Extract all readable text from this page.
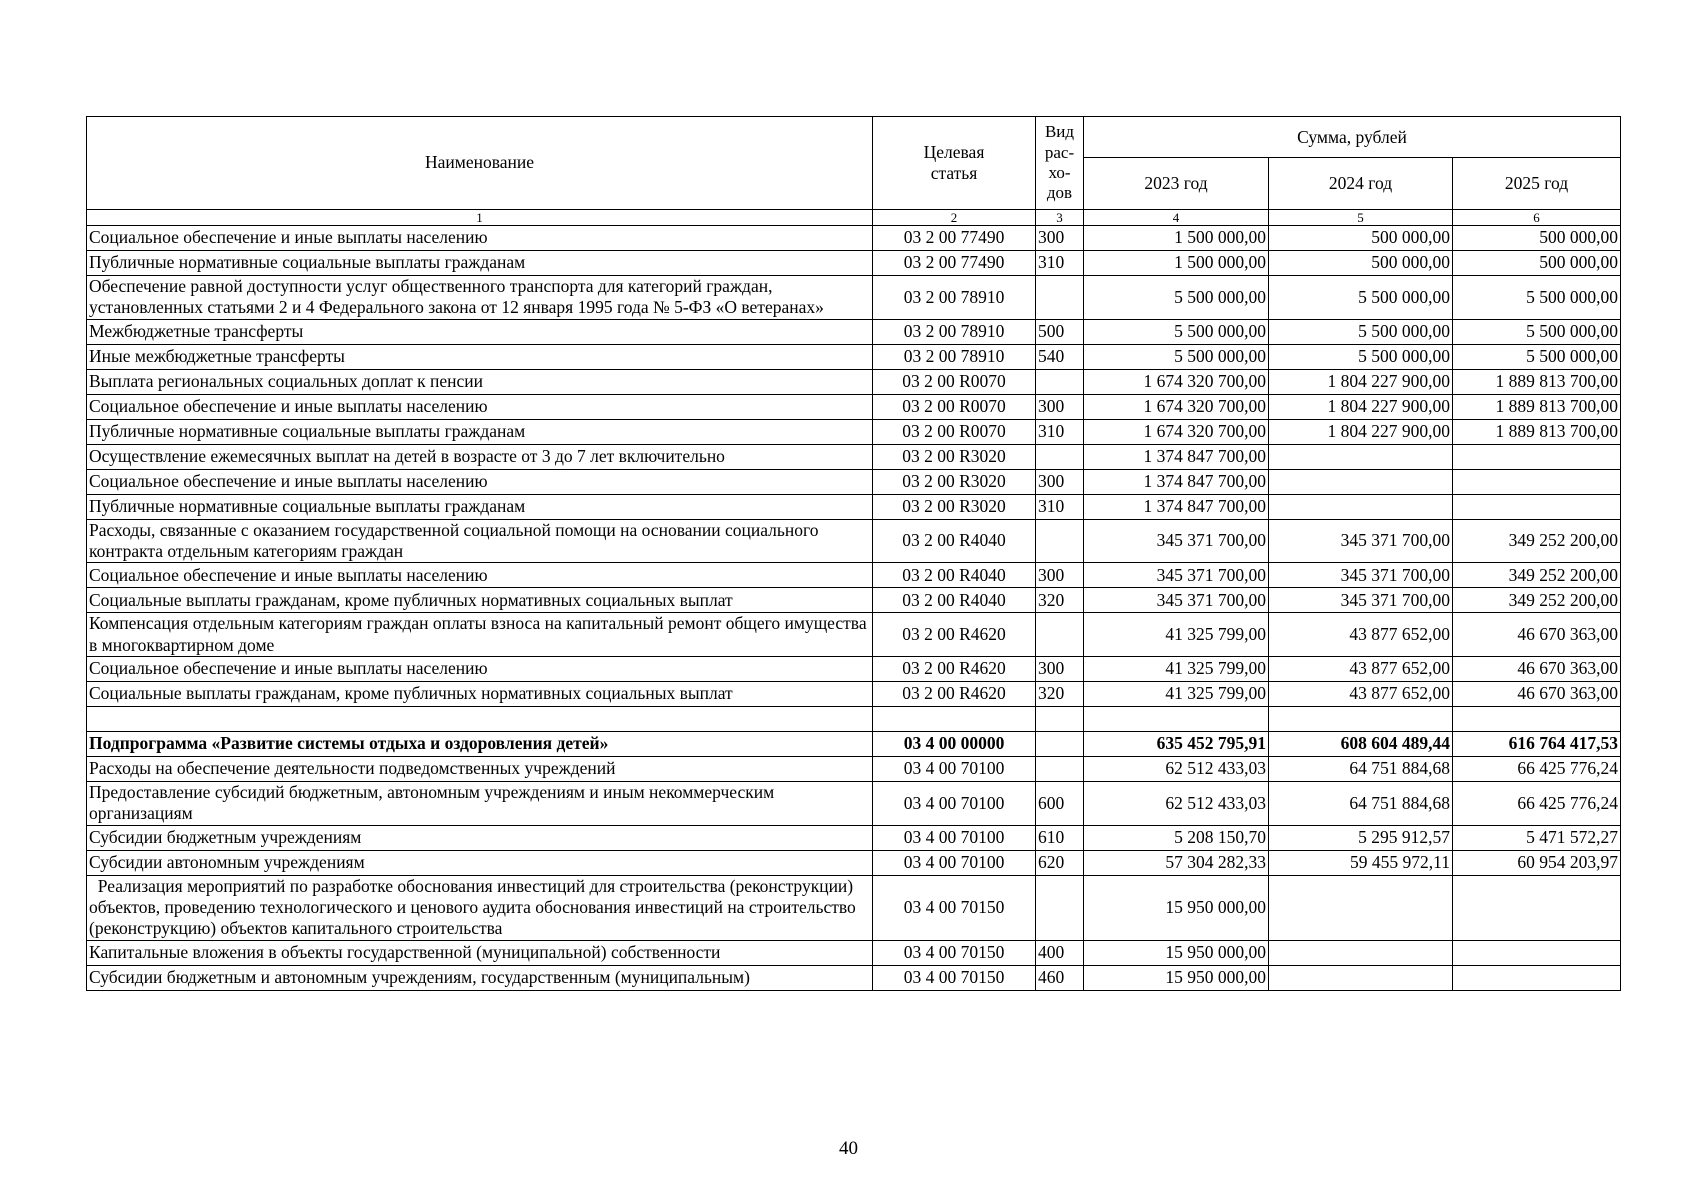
Наименование	Целевая статья	Вид рас-хо-дов	Сумма, рублей		
			2023 год	2024 год	2025 год
1	2	3	4	5	6
Социальное обеспечение и иные выплаты населению	03 2 00 77490	300	1 500 000,00	500 000,00	500 000,00
Публичные нормативные социальные выплаты гражданам	03 2 00 77490	310	1 500 000,00	500 000,00	500 000,00
Обеспечение равной доступности услуг общественного транспорта для категорий граждан, установленных статьями 2 и 4 Федерального закона от 12 января 1995 года № 5-ФЗ «О ветеранах»	03 2 00 78910		5 500 000,00	5 500 000,00	5 500 000,00
Межбюджетные трансферты	03 2 00 78910	500	5 500 000,00	5 500 000,00	5 500 000,00
Иные межбюджетные трансферты	03 2 00 78910	540	5 500 000,00	5 500 000,00	5 500 000,00
Выплата региональных социальных доплат к пенсии	03 2 00 R0070		1 674 320 700,00	1 804 227 900,00	1 889 813 700,00
Социальное обеспечение и иные выплаты населению	03 2 00 R0070	300	1 674 320 700,00	1 804 227 900,00	1 889 813 700,00
Публичные нормативные социальные выплаты гражданам	03 2 00 R0070	310	1 674 320 700,00	1 804 227 900,00	1 889 813 700,00
Осуществление ежемесячных выплат на детей в возрасте от 3 до 7 лет включительно	03 2 00 R3020		1 374 847 700,00		
Социальное обеспечение и иные выплаты населению	03 2 00 R3020	300	1 374 847 700,00		
Публичные нормативные социальные выплаты гражданам	03 2 00 R3020	310	1 374 847 700,00		
Расходы, связанные с оказанием государственной социальной помощи на основании социального контракта отдельным категориям граждан	03 2 00 R4040		345 371 700,00	345 371 700,00	349 252 200,00
Социальное обеспечение и иные выплаты населению	03 2 00 R4040	300	345 371 700,00	345 371 700,00	349 252 200,00
Социальные выплаты гражданам, кроме публичных нормативных социальных выплат	03 2 00 R4040	320	345 371 700,00	345 371 700,00	349 252 200,00
Компенсация отдельным категориям граждан оплаты взноса на капитальный ремонт общего имущества в многоквартирном доме	03 2 00 R4620		41 325 799,00	43 877 652,00	46 670 363,00
Социальное обеспечение и иные выплаты населению	03 2 00 R4620	300	41 325 799,00	43 877 652,00	46 670 363,00
Социальные выплаты гражданам, кроме публичных нормативных социальных выплат	03 2 00 R4620	320	41 325 799,00	43 877 652,00	46 670 363,00

Подпрограмма «Развитие системы отдыха и оздоровления детей»	03 4 00 00000		635 452 795,91	608 604 489,44	616 764 417,53
Расходы на обеспечение деятельности подведомственных учреждений	03 4 00 70100		62 512 433,03	64 751 884,68	66 425 776,24
Предоставление субсидий бюджетным, автономным учреждениям и иным некоммерческим организациям	03 4 00 70100	600	62 512 433,03	64 751 884,68	66 425 776,24
Субсидии бюджетным учреждениям	03 4 00 70100	610	5 208 150,70	5 295 912,57	5 471 572,27
Субсидии автономным учреждениям	03 4 00 70100	620	57 304 282,33	59 455 972,11	60 954 203,97
Реализация мероприятий по разработке обоснования инвестиций для строительства (реконструкции) объектов, проведению технологического и ценового аудита обоснования инвестиций на строительство (реконструкцию) объектов капитального строительства	03 4 00 70150		15 950 000,00		
Капитальные вложения в объекты государственной (муниципальной) собственности	03 4 00 70150	400	15 950 000,00		
Субсидии бюджетным и автономным учреждениям, государственным (муниципальным)	03 4 00 70150	460	15 950 000,00		
40
